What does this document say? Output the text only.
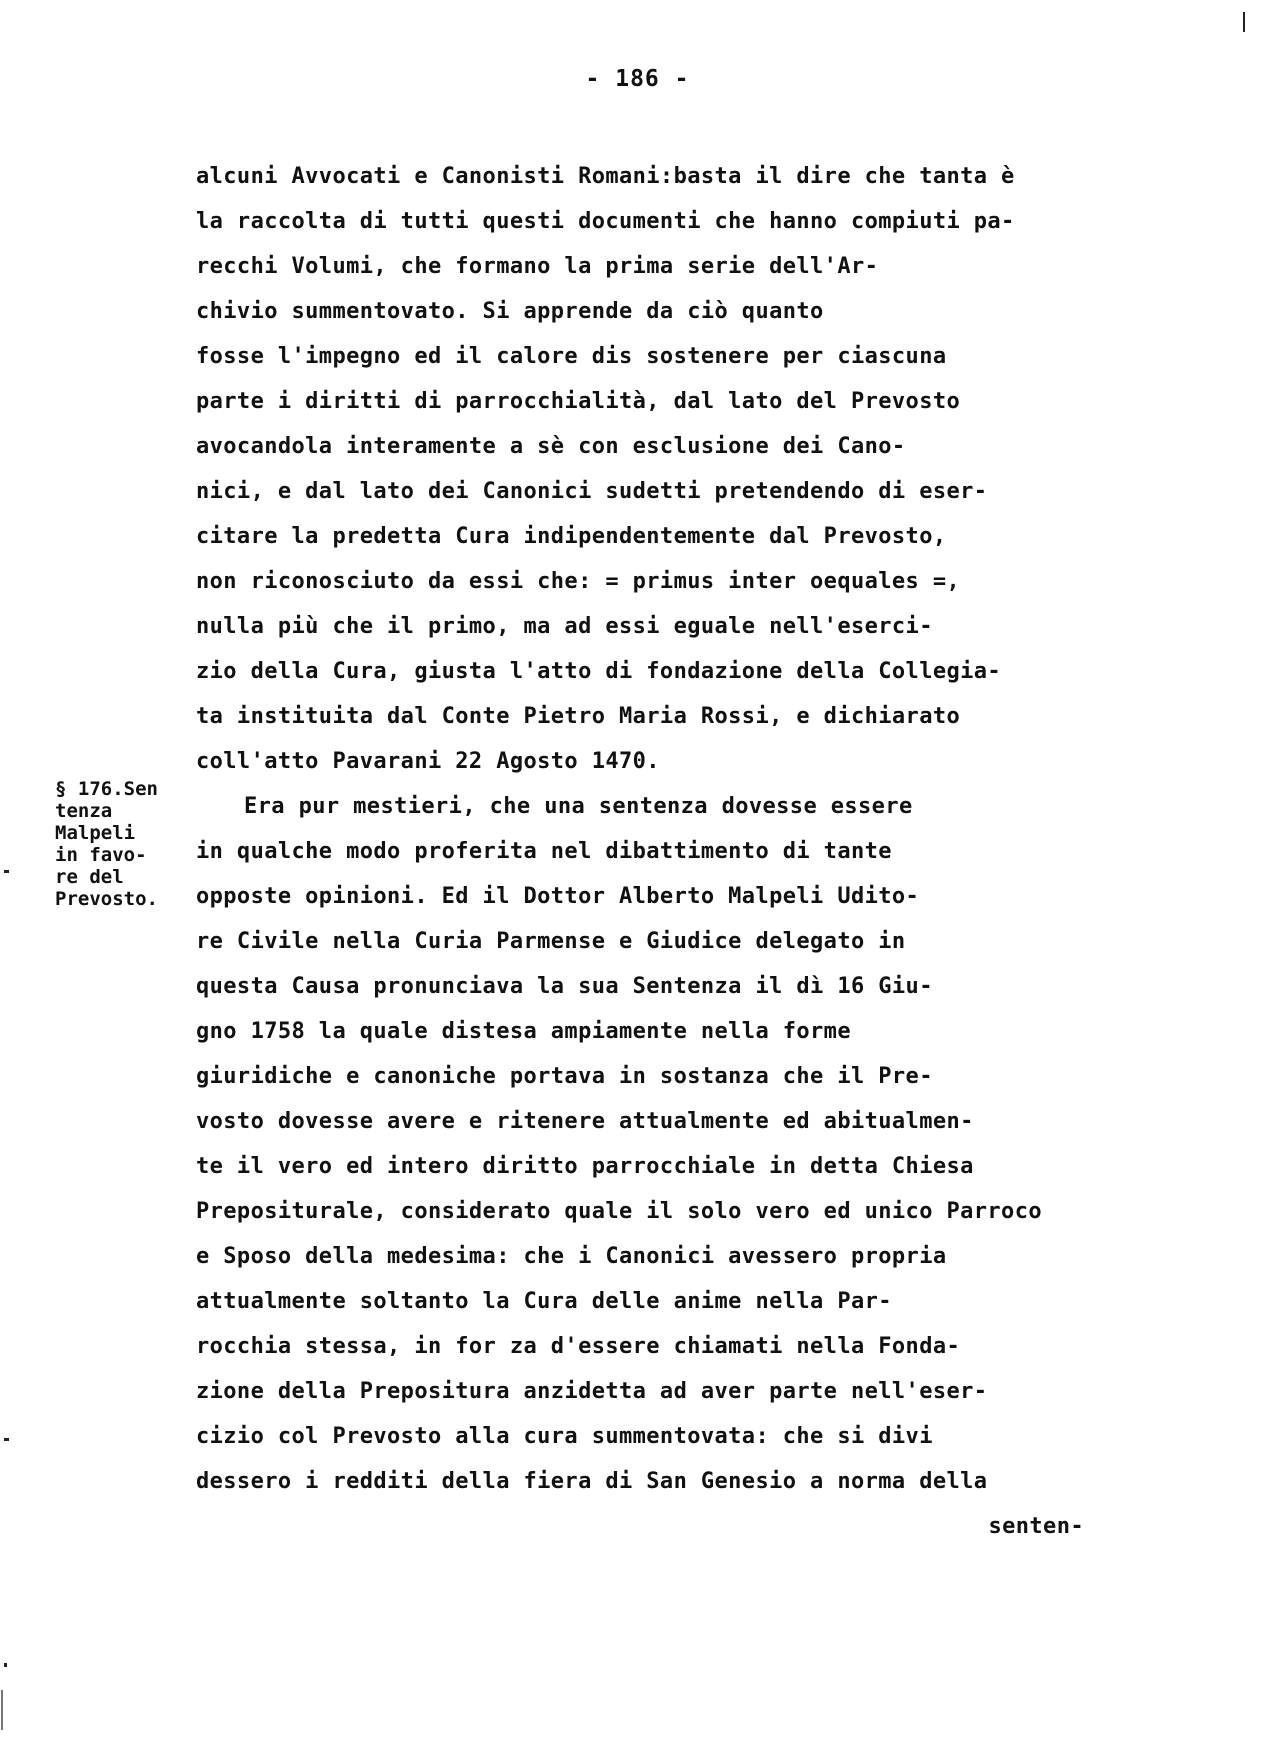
- 186 -
alcuni Avvocati e Canonisti Romani:basta il dire che tanta è
la raccolta di tutti questi documenti che hanno compiuti pa-
recchi Volumi, che formano la prima serie dell'Ar-
chivio summentovato. Si apprende da ciò quanto
fosse l'impegno ed il calore dis sostenere per ciascuna
parte i diritti di parrocchialità, dal lato del Prevosto
avocandola interamente a sè con esclusione dei Cano-
nici, e dal lato dei Canonici sudetti pretendendo di eser-
citare la predetta Cura indipendentemente dal Prevosto,
non riconosciuto da essi che: = primus inter oequales =,
nulla più che il primo, ma ad essi eguale nell'eserci-
zio della Cura, giusta l'atto di fondazione della Collegia-
ta instituita dal Conte Pietro Maria Rossi, e dichiarato
coll'atto Pavarani 22 Agosto 1470.
Era pur mestieri, che una sentenza dovesse essere
in qualche modo proferita nel dibattimento di tante
opposte opinioni. Ed il Dottor Alberto Malpeli Udito-
re Civile nella Curia Parmense e Giudice delegato in
questa Causa pronunciava la sua Sentenza il dì 16 Giu-
gno 1758 la quale distesa ampiamente nella forme
giuridiche e canoniche portava in sostanza che il Pre-
vosto dovesse avere e ritenere attualmente ed abitualmen-
te il vero ed intero diritto parrocchiale in detta Chiesa
Prepositurale, considerato quale il solo vero ed unico Parroco
e Sposo della medesima: che i Canonici avessero propria
attualmente soltanto la Cura delle anime nella Par-
rocchia stessa, in for za d'essere chiamati nella Fonda-
zione della Prepositura anzidetta ad aver parte nell'eser-
cizio col Prevosto alla cura summentovata: che si divi
dessero i redditi della fiera di San Genesio a norma della
senten-
§ 176.Sen
tenza
Malpeli
in favo-
re del
Prevosto.
